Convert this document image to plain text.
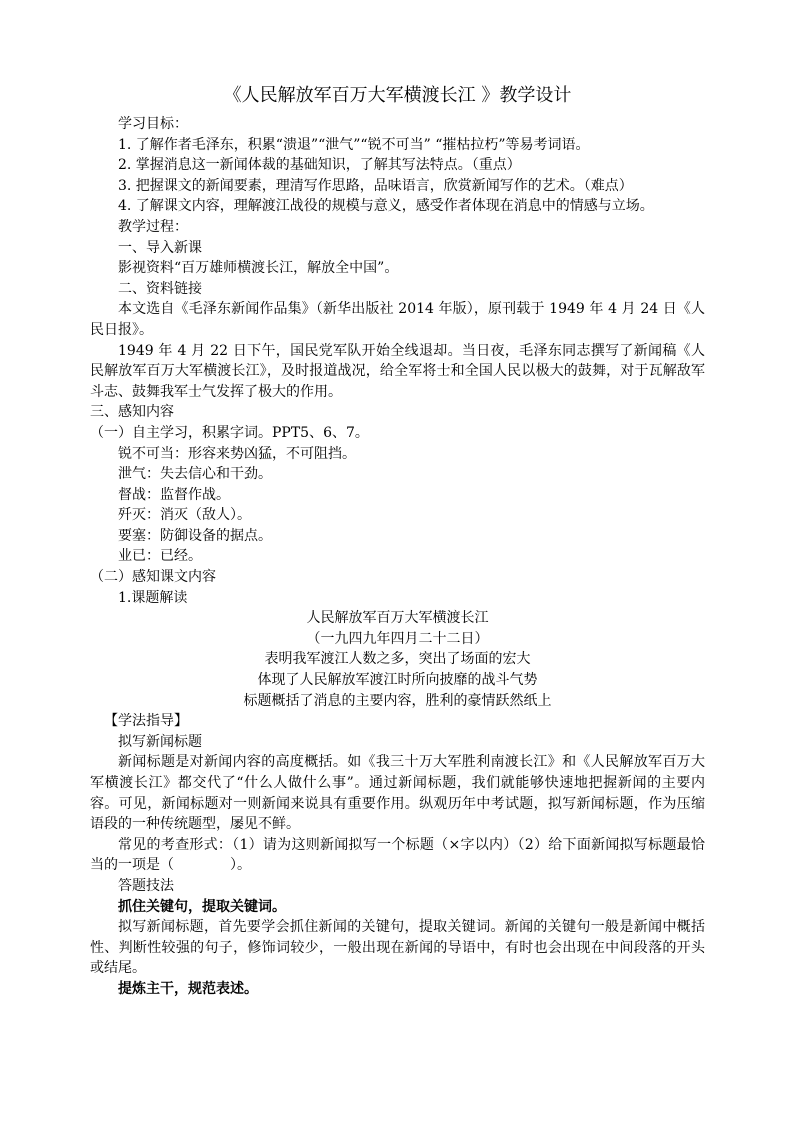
《人民解放军百万大军横渡长江 》教学设计

学习目标：

1. 了解作者毛泽东，积累“溃退”“泄气”“锐不可当” “摧枯拉朽”等易考词语。

2. 掌握消息这一新闻体裁的基础知识，了解其写法特点。（重点）

3. 把握课文的新闻要素，理清写作思路，品味语言，欣赏新闻写作的艺术。（难点）

4. 了解课文内容，理解渡江战役的规模与意义，感受作者体现在消息中的情感与立场。

教学过程：

一、导入新课

影视资料“百万雄师横渡长江，解放全中国”。

二、资料链接

本文选自《毛泽东新闻作品集》（新华出版社 2014 年版），原刊载于 1949 年 4 月 24 日《人民日报》。

1949 年 4 月 22 日下午，国民党军队开始全线退却。当日夜，毛泽东同志撰写了新闻稿《人民解放军百万大军横渡长江》，及时报道战况，给全军将士和全国人民以极大的鼓舞，对于瓦解敌军斗志、鼓舞我军士气发挥了极大的作用。

三、感知内容

（一）自主学习，积累字词。PPT5、6、7。

锐不可当：形容来势凶猛，不可阻挡。

泄气：失去信心和干劲。

督战：监督作战。

歼灭：消灭（敌人）。

要塞：防御设备的据点。

业已：已经。

（二）感知课文内容

1.课题解读

人民解放军百万大军横渡长江

（一九四九年四月二十二日）

表明我军渡江人数之多，突出了场面的宏大

体现了人民解放军渡江时所向披靡的战斗气势

标题概括了消息的主要内容，胜利的豪情跃然纸上

【学法指导】

拟写新闻标题

新闻标题是对新闻内容的高度概括。如《我三十万大军胜利南渡长江》和《人民解放军百万大军横渡长江》都交代了“什么人做什么事”。通过新闻标题，我们就能够快速地把握新闻的主要内容。可见，新闻标题对一则新闻来说具有重要作用。纵观历年中考试题，拟写新闻标题，作为压缩语段的一种传统题型，屡见不鲜。

常见的考查形式：（1）请为这则新闻拟写一个标题（×字以内）（2）给下面新闻拟写标题最恰当的一项是（	）。

答题技法

抓住关键句，提取关键词。

拟写新闻标题，首先要学会抓住新闻的关键句，提取关键词。新闻的关键句一般是新闻中概括性、判断性较强的句子，修饰词较少，一般出现在新闻的导语中，有时也会出现在中间段落的开头或结尾。

提炼主干，规范表述。
